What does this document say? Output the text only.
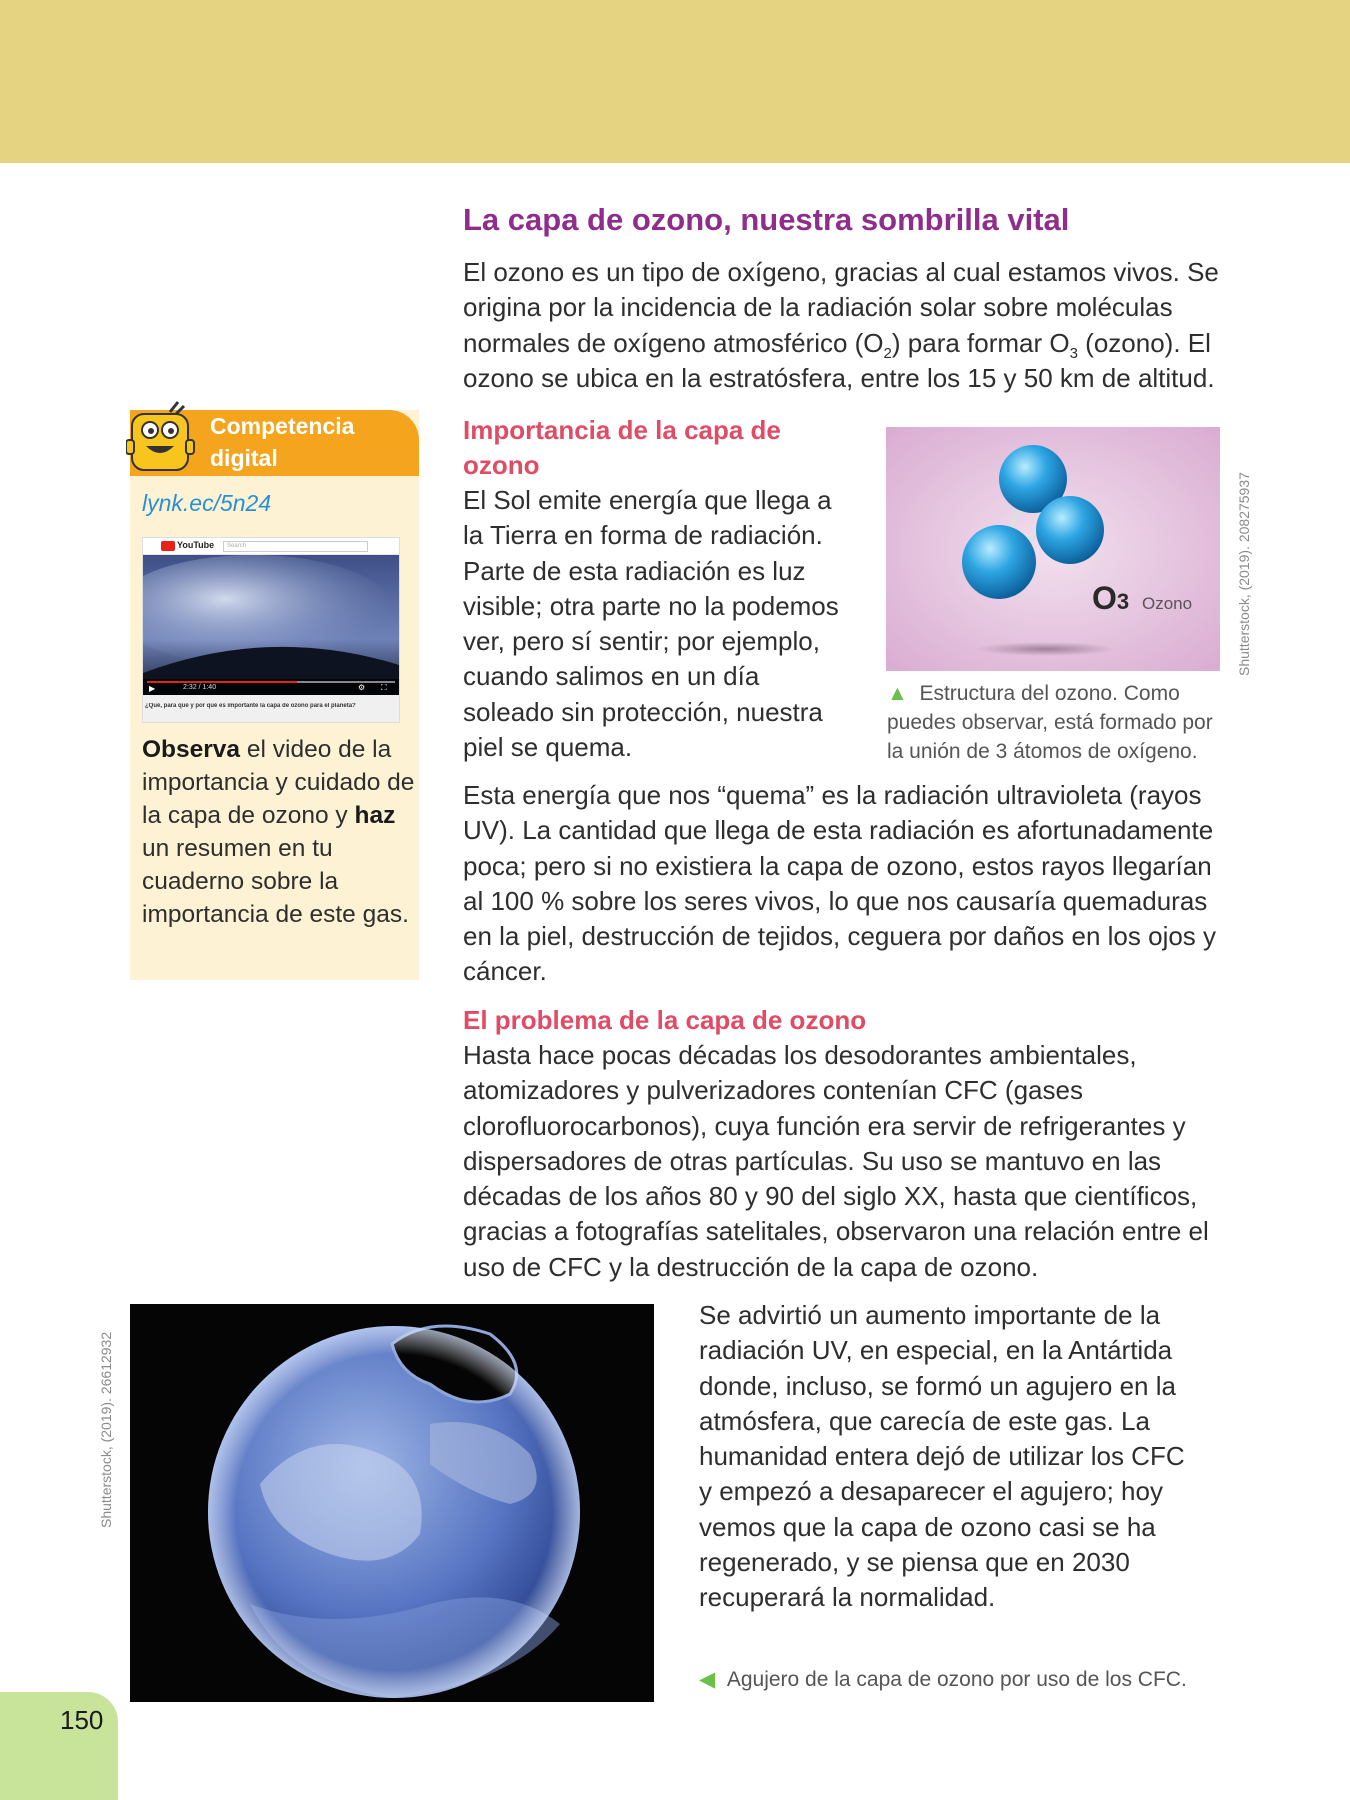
La capa de ozono, nuestra sombrilla vital

El ozono es un tipo de oxígeno, gracias al cual estamos vivos. Se origina por la incidencia de la radiación solar sobre moléculas normales de oxígeno atmosférico $(O_2)$ para formar $O_3$ (ozono). El ozono se ubica en la estratósfera, entre los 15 y 50 km de altitud.

Competencia
digital
lynk.ec/5n24
YouTube	Search
▶	2:32 / 1:40	⚙ ⛶
¿Qué, para qué y por qué es importante la capa de ozono para el planeta?

Observa el video de la importancia y cuidado de la capa de ozono y haz un resumen en tu cuaderno sobre la importancia de este gas.

Importancia de la capa de ozono

El Sol emite energía que llega a la Tierra en forma de radiación. Parte de esta radiación es luz visible; otra parte no la podemos ver, pero sí sentir; por ejemplo, cuando salimos en un día soleado sin protección, nuestra piel se quema.

O3 Ozono	Shutterstock, (2019). 208275937

▲ Estructura del ozono. Como puedes observar, está formado por la unión de 3 átomos de oxígeno.

Esta energía que nos “quema” es la radiación ultravioleta (rayos UV). La cantidad que llega de esta radiación es afortunadamente poca; pero si no existiera la capa de ozono, estos rayos llegarían al 100 % sobre los seres vivos, lo que nos causaría quemaduras en la piel, destrucción de tejidos, ceguera por daños en los ojos y cáncer.

El problema de la capa de ozono

Hasta hace pocas décadas los desodorantes ambientales, atomizadores y pulverizadores contenían CFC (gases clorofluorocarbonos), cuya función era servir de refrigerantes y dispersadores de otras partículas. Su uso se mantuvo en las décadas de los años 80 y 90 del siglo XX, hasta que científicos, gracias a fotografías satelitales, observaron una relación entre el uso de CFC y la destrucción de la capa de ozono.

Shutterstock, (2019). 26612932

Se advirtió un aumento importante de la radiación UV, en especial, en la Antártida donde, incluso, se formó un agujero en la atmósfera, que carecía de este gas. La humanidad entera dejó de utilizar los CFC y empezó a desaparecer el agujero; hoy vemos que la capa de ozono casi se ha regenerado, y se piensa que en 2030 recuperará la normalidad.

◀ Agujero de la capa de ozono por uso de los CFC.

150
